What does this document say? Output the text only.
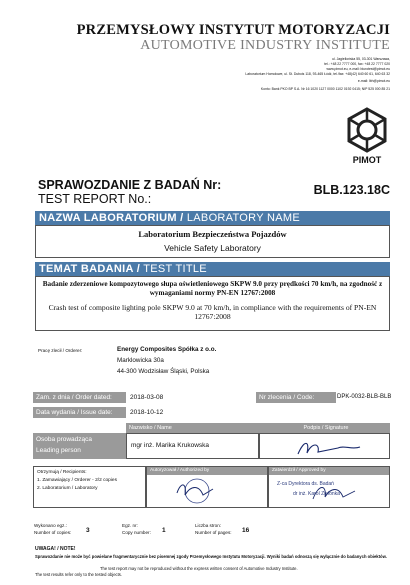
PRZEMYSŁOWY INSTYTUT MOTORYZACJI
AUTOMOTIVE INDUSTRY INSTITUTE
ul. Jagiellońska 55, 03-301 Warszawa,
tel.: +48 22 7777 000, fax: +48 22 7777 020
www.pimot.eu, e-mail: biurotest@pimot.eu
Laboratorium Homołowe, ul. St. Dubois 118, 93-465 Łódź, tel./fax: +48(42) 640 60 61, 640 63 32
e-mail: lbh@pimot.eu
Konto: Bank PKO BP S.A. Nr 16 1020 1127 0000 1102 0192 0415; NIP 525 000 85 21
PIMOT
SPRAWOZDANIE Z BADAŃ Nr:
TEST REPORT No.:
BLB.123.18C
NAZWA LABORATORIUM / LABORATORY NAME
Laboratorium Bezpieczeństwa Pojazdów
Vehicle Safety Laboratory
TEMAT BADANIA / TEST TITLE
Badanie zderzeniowe kompozytowego słupa oświetleniowego SKPW 9.0 przy prędkości 70 km/h, na zgodność z wymaganiami normy PN-EN 12767:2008
Crash test of composite lighting pole SKPW 9.0 at 70 km/h, in compliance with the requirements of PN-EN 12767:2008
Pracę zlecił / Orderer:	Energy Composites Spółka z o.o.
Marklowicka 30a
44-300 Wodzisław Śląski, Polska
Zam. z dnia / Order dated:	2018-03-08	Nr zlecenia / Code:	DPK-0032-BLB-BLB
Data wydania / Issue date:	2018-10-12
Nazwisko / Name	Podpis / Signature
Osoba prowadząca
Leading person
mgr inż. Marika Krukowska
Otrzymują / Recipients:
1. Zamawiający / Orderer - 2/2 copies
2. Laboratorium / Laboratory
Autoryzował / Authorized by	Zatwierdził / Approved by
Z-ca Dyrektora ds. Badań
dr inż. Karol Zielonka
Wykonano egz.:
Number of copies: 3
Egz. nr:
Copy number: 1
Liczba stron:
Number of pages: 16
UWAGA! / NOTE!
Sprawozdanie nie może być powielane fragmentarycznie bez pisemnej zgody Przemysłowego Instytutu Motoryzacji. Wyniki badań odnoszą się wyłącznie do badanych obiektów.
The test report may not be reproduced without the express written consent of Automotive Industry Institute.
The test results refer only to the tested objects.
